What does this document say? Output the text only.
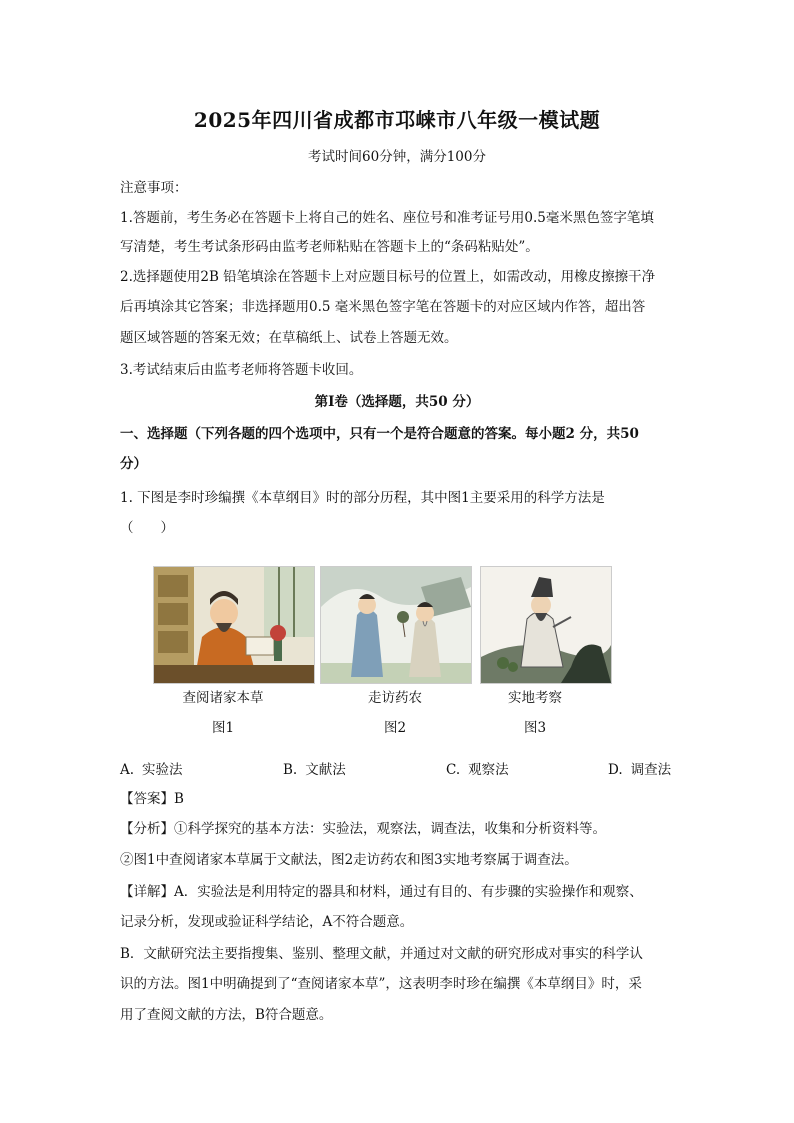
2025年四川省成都市邛崃市八年级一模试题
考试时间60分钟，满分100分
注意事项：
1.答题前，考生务必在答题卡上将自己的姓名、座位号和准考证号用0.5毫米黑色签字笔填
写清楚，考生考试条形码由监考老师粘贴在答题卡上的“条码粘贴处”。
2.选择题使用2B 铅笔填涂在答题卡上对应题目标号的位置上，如需改动，用橡皮擦擦干净
后再填涂其它答案；非选择题用0.5 毫米黑色签字笔在答题卡的对应区域内作答，超出答
题区域答题的答案无效；在草稿纸上、试卷上答题无效。
3.考试结束后由监考老师将答题卡收回。
第Ⅰ卷（选择题，共50 分）
一、选择题（下列各题的四个选项中，只有一个是符合题意的答案。每小题2 分，共50
分）
1. 下图是李时珍编撰《本草纲目》时的部分历程，其中图1主要采用的科学方法是
（　　）
查阅诸家本草	走访药农	实地考察
图1	图2	图3
A. 实验法	B. 文献法	C. 观察法	D. 调查法
【答案】B
【分析】①科学探究的基本方法：实验法，观察法，调查法，收集和分析资料等。
②图1中查阅诸家本草属于文献法，图2走访药农和图3实地考察属于调查法。
【详解】A．实验法是利用特定的器具和材料，通过有目的、有步骤的实验操作和观察、
记录分析，发现或验证科学结论，A不符合题意。
B．文献研究法主要指搜集、鉴别、整理文献，并通过对文献的研究形成对事实的科学认
识的方法。图1中明确提到了“查阅诸家本草”，这表明李时珍在编撰《本草纲目》时，采
用了查阅文献的方法，B符合题意。
